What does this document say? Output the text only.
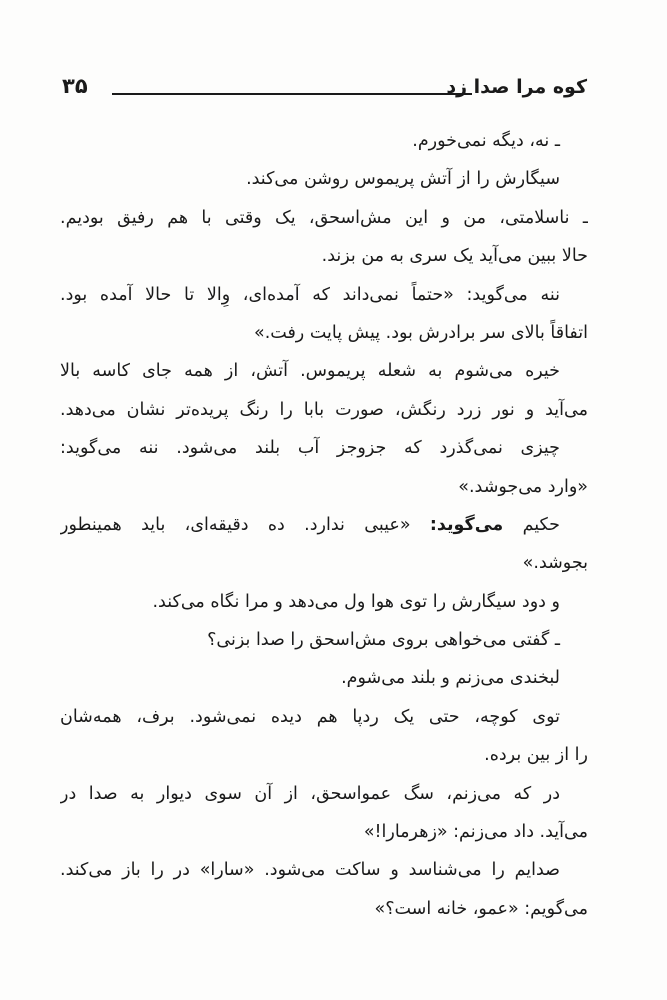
کوه مرا صدا زد
۳۵
ـ نه، دیگه نمی‌خورم.
سیگارش را از آتش پریموس روشن می‌کند.
ـ ناسلامتی، من و این مش‌اسحق، یک وقتی با هم رفیق بودیم.
حالا ببین می‌آید یک سری به من بزند.
ننه می‌گوید: «حتماً نمی‌داند که آمده‌ای، وِالا تا حالا آمده بود.
اتفاقاً بالای سر برادرش بود. پیش پایت رفت.»
خیره می‌شوم به شعله پریموس. آتش، از همه جای کاسه بالا
می‌آید و نور زرد رنگش، صورت بابا را رنگ پریده‌تر نشان می‌دهد.
چیزی نمی‌گذرد که جزوجز آب بلند می‌شود. ننه می‌گوید:
«وارد می‌جوشد.»
حکیم می‌گوید: «عیبی ندارد. ده دقیقه‌ای، باید همینطور
بجوشد.»
و دود سیگارش را توی هوا ول می‌دهد و مرا نگاه می‌کند.
ـ گفتی می‌خواهی بروی مش‌اسحق را صدا بزنی؟
لبخندی می‌زنم و بلند می‌شوم.
توی کوچه، حتی یک ردپا هم دیده نمی‌شود. برف، همه‌شان
را از بین برده.
در که می‌زنم، سگ عمواسحق، از آن سوی دیوار به صدا در
می‌آید. داد می‌زنم: «زهرمارا!»
صدایم را می‌شناسد و ساکت می‌شود. «سارا» در را باز می‌کند.
می‌گویم: «عمو، خانه است؟»
